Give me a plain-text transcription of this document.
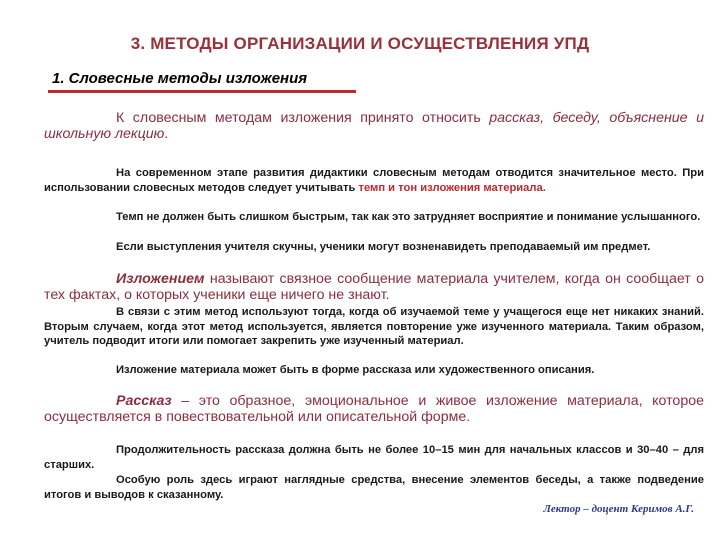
3. МЕТОДЫ ОРГАНИЗАЦИИ И ОСУЩЕСТВЛЕНИЯ УПД
1. Словесные методы изложения

К словесным методам изложения принято относить рассказ, беседу, объяснение и школьную лекцию.

На современном этапе развития дидактики словесным методам отводится значительное место. При использовании словесных методов следует учитывать темп и тон изложения материала.

Темп не должен быть слишком быстрым, так как это затрудняет восприятие и понимание услышанного.

Если выступления учителя скучны, ученики могут возненавидеть преподаваемый им предмет.

Изложением называют связное сообщение материала учителем, когда он сообщает о тех фактах, о которых ученики еще ничего не знают.

В связи с этим метод используют тогда, когда об изучаемой теме у учащегося еще нет никаких знаний. Вторым случаем, когда этот метод используется, является повторение уже изученного материала. Таким образом, учитель подводит итоги или помогает закрепить уже изученный материал.

Изложение материала может быть в форме рассказа или художественного описания.

Рассказ – это образное, эмоциональное и живое изложение материала, которое осуществляется в повествовательной или описательной форме.

Продолжительность рассказа должна быть не более 10–15 мин для начальных классов и 30–40 – для старших.

Особую роль здесь играют наглядные средства, внесение элементов беседы, а также подведение итогов и выводов к сказанному.

Лектор – доцент Керимов А.Г.
